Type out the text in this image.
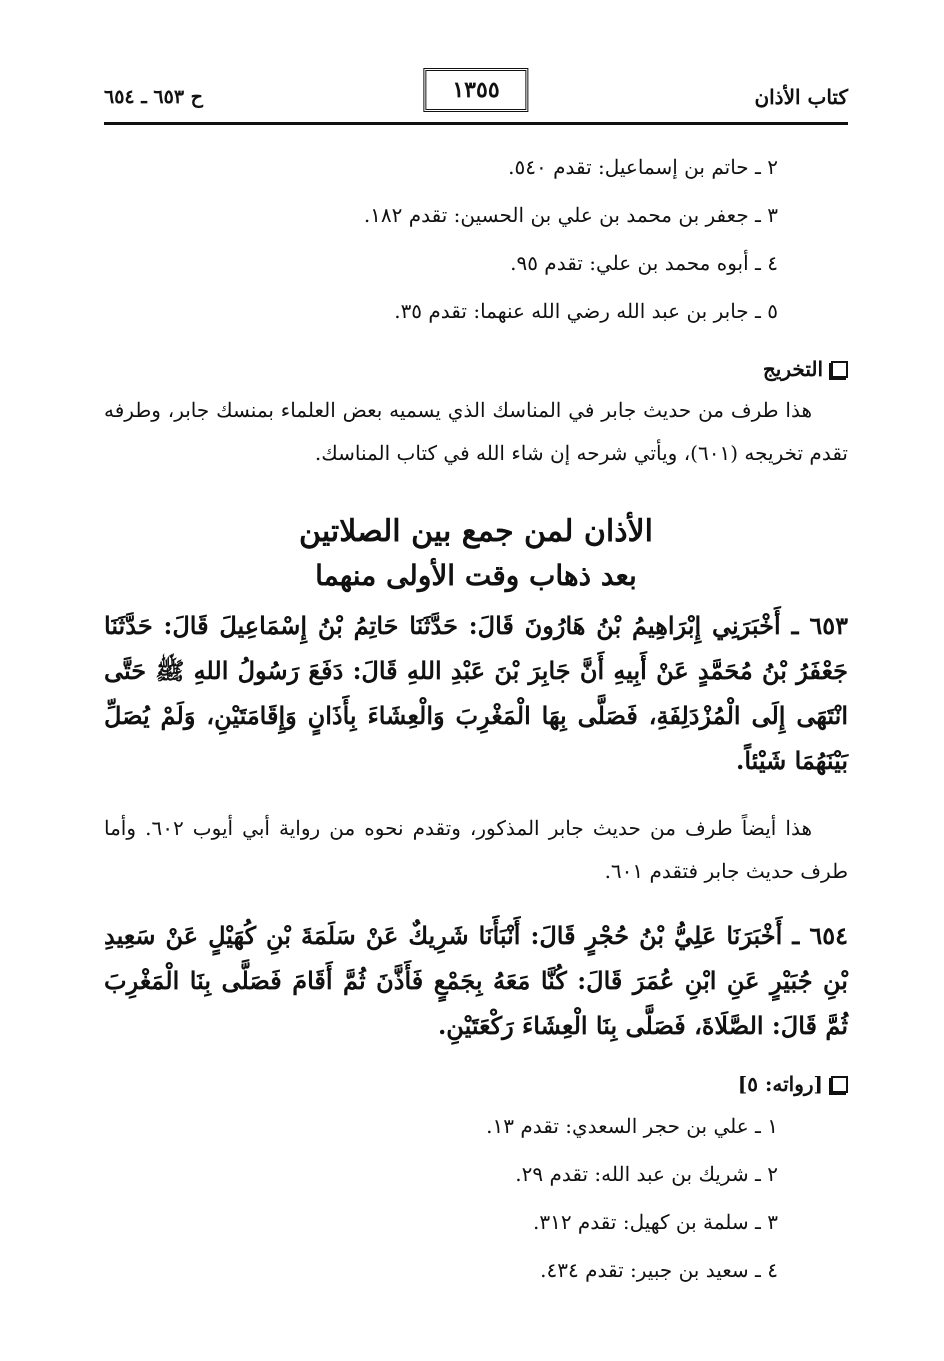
كتاب الأذان
١٣٥٥
ح ٦٥٣ ـ ٦٥٤
٢ ـ حاتم بن إسماعيل: تقدم ٥٤٠.
٣ ـ جعفر بن محمد بن علي بن الحسين: تقدم ١٨٢.
٤ ـ أبوه محمد بن علي: تقدم ٩٥.
٥ ـ جابر بن عبد الله رضي الله عنهما: تقدم ٣٥.
التخريج

هذا طرف من حديث جابر في المناسك الذي يسميه بعض العلماء بمنسك جابر، وطرفه تقدم تخريجه (٦٠١)، ويأتي شرحه إن شاء الله في كتاب المناسك.

الأذان لمن جمع بين الصلاتين
بعد ذهاب وقت الأولى منهما

٦٥٣ ـ أَخْبَرَنِي إِبْرَاهِيمُ بْنُ هَارُونَ قَالَ: حَدَّثَنَا حَاتِمُ بْنُ إِسْمَاعِيلَ قَالَ: حَدَّثَنَا جَعْفَرُ بْنُ مُحَمَّدٍ عَنْ أَبِيهِ أَنَّ جَابِرَ بْنَ عَبْدِ اللهِ قَالَ: دَفَعَ رَسُولُ اللهِ ﷺ حَتَّى انْتَهَى إِلَى الْمُزْدَلِفَةِ، فَصَلَّى بِهَا الْمَغْرِبَ وَالْعِشَاءَ بِأَذَانٍ وَإِقَامَتَيْنِ، وَلَمْ يُصَلِّ بَيْنَهُمَا شَيْئاً.

هذا أيضاً طرف من حديث جابر المذكور، وتقدم نحوه من رواية أبي أيوب ٦٠٢. وأما طرف حديث جابر فتقدم ٦٠١.

٦٥٤ ـ أَخْبَرَنَا عَلِيُّ بْنُ حُجْرٍ قَالَ: أَنْبَأَنَا شَرِيكٌ عَنْ سَلَمَةَ بْنِ كُهَيْلٍ عَنْ سَعِيدِ بْنِ جُبَيْرٍ عَنِ ابْنِ عُمَرَ قَالَ: كُنَّا مَعَهُ بِجَمْعٍ فَأَذَّنَ ثُمَّ أَقَامَ فَصَلَّى بِنَا الْمَغْرِبَ ثُمَّ قَالَ: الصَّلَاةَ، فَصَلَّى بِنَا الْعِشَاءَ رَكْعَتَيْنِ.

[رواته: ٥]
١ ـ علي بن حجر السعدي: تقدم ١٣.
٢ ـ شريك بن عبد الله: تقدم ٢٩.
٣ ـ سلمة بن كهيل: تقدم ٣١٢.
٤ ـ سعيد بن جبير: تقدم ٤٣٤.
